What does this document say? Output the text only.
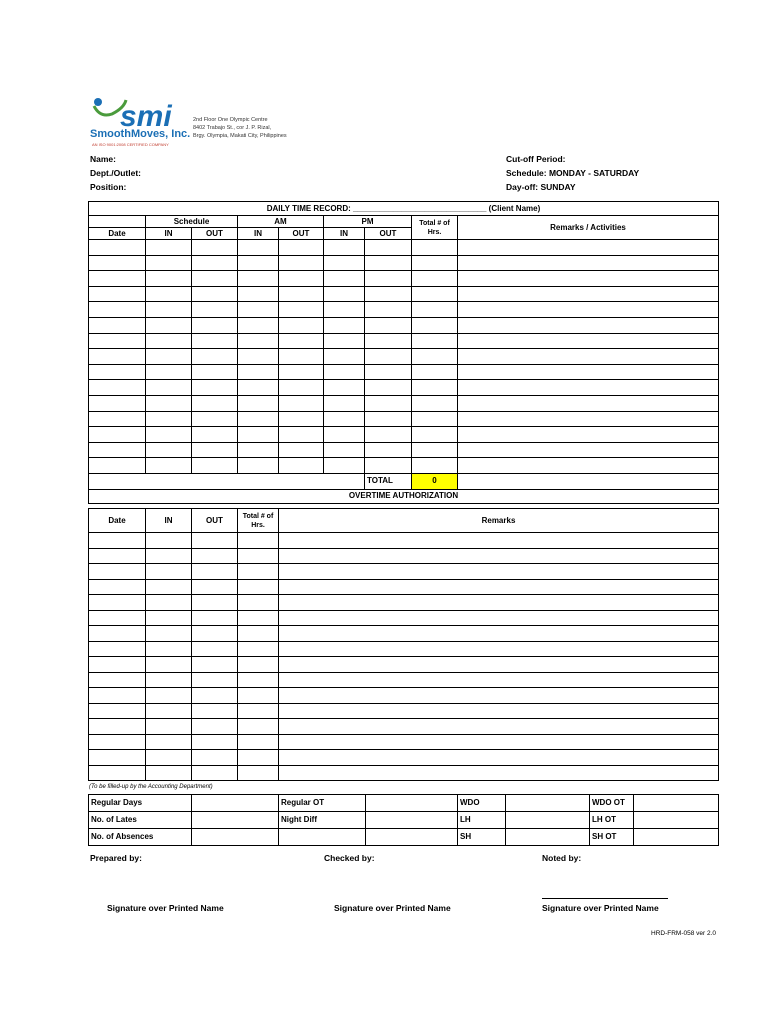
smi
SmoothMoves, Inc.
AN ISO 9001:2008 CERTIFIED COMPANY
2nd Floor One Olympic Centre
8402 Trabajo St., cor J. P. Rizal,
Brgy. Olympia, Makati City, Philippines
Name:
Dept./Outlet:
Position:
Cut-off Period:
Schedule: MONDAY - SATURDAY
Day-off: SUNDAY
DAILY TIME RECORD: ______________________________ (Client Name)								
	Schedule		AM		PM		Total # of Hrs.	Remarks / Activities
Date	IN	OUT	IN	OUT	IN	OUT		

						TOTAL	0	
OVERTIME AUTHORIZATION								
Date	IN	OUT	Total # of Hrs.	Remarks

(To be filled-up by the Accounting Department)
Regular Days		Regular OT		WDO		WDO OT	
No. of Lates		Night Diff		LH		LH OT	
No. of Absences				SH		SH OT	
Prepared by:	Checked by:	Noted by:
Signature over Printed Name	Signature over Printed Name	Signature over Printed Name
HRD-FRM-058 ver 2.0
